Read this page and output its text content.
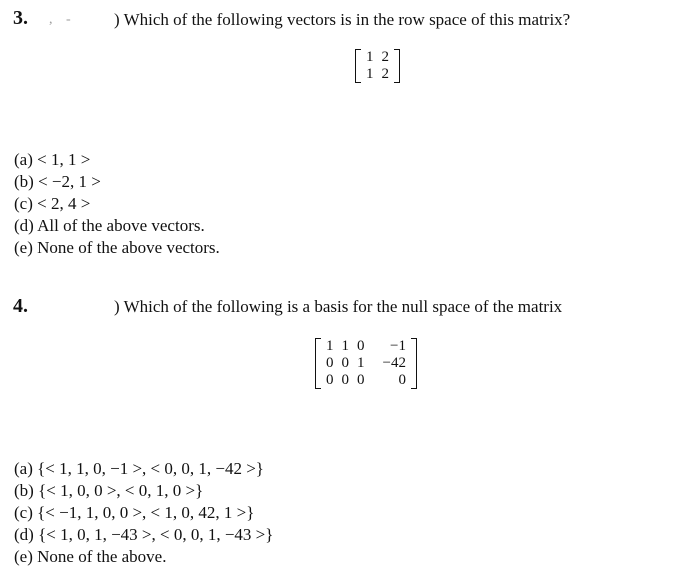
3. , -	) Which of the following vectors is in the row space of this matrix?
1	2
1	2
(a) < 1, 1 >
(b) < −2, 1 >
(c) < 2, 4 >
(d) All of the above vectors.
(e) None of the above vectors.
4.	) Which of the following is a basis for the null space of the matrix
1	1	0	−1
0	0	1	−42
0	0	0	0
(a) {< 1, 1, 0, −1 >, < 0, 0, 1, −42 >}
(b) {< 1, 0, 0 >, < 0, 1, 0 >}
(c) {< −1, 1, 0, 0 >, < 1, 0, 42, 1 >}
(d) {< 1, 0, 1, −43 >, < 0, 0, 1, −43 >}
(e) None of the above.
